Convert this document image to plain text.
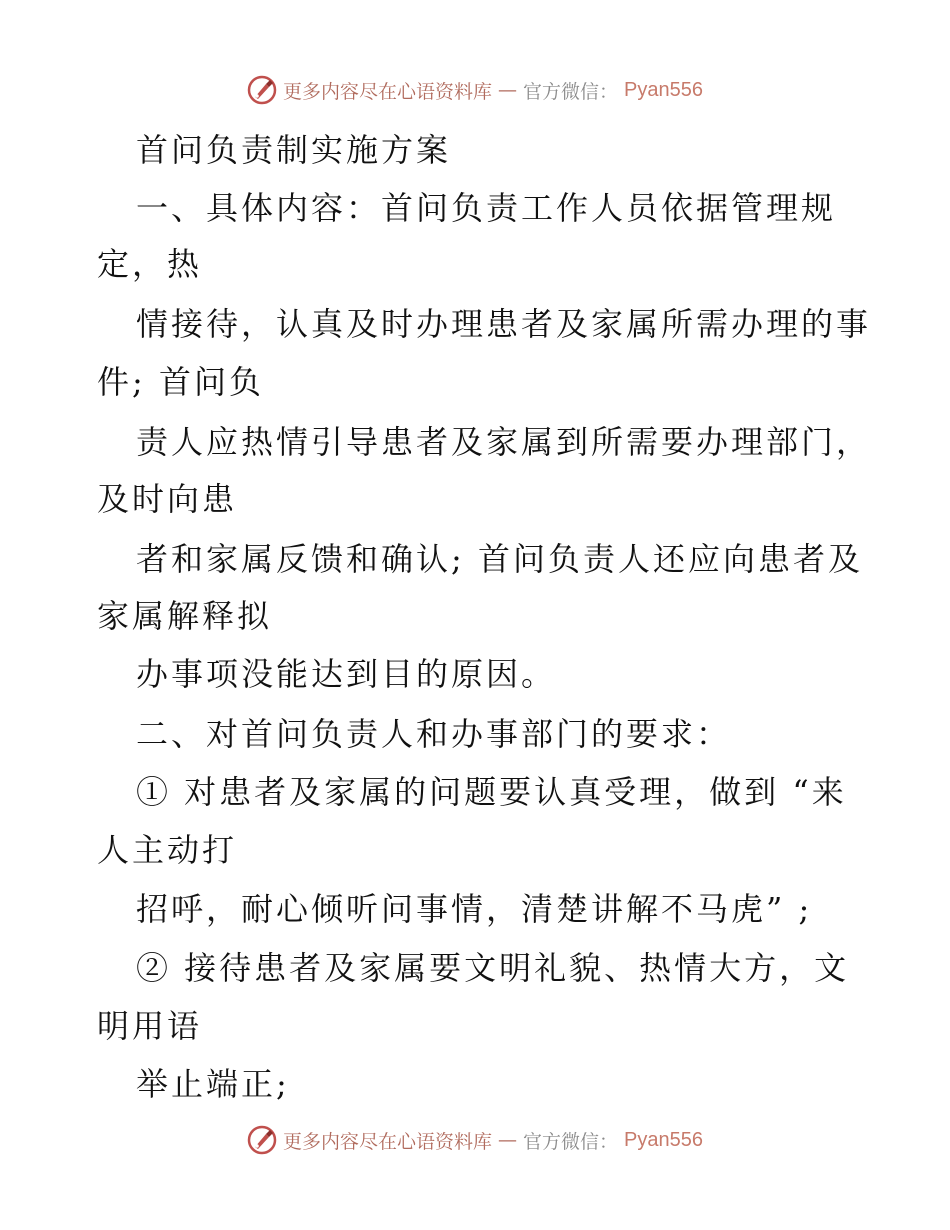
更多内容尽在心语资料库 — 官方微信： Pyan556
首问负责制实施方案
一、具体内容：首问负责工作人员依据管理规
定，热
情接待，认真及时办理患者及家属所需办理的事
件; 首问负
责人应热情引导患者及家属到所需要办理部门，
及时向患
者和家属反馈和确认; 首问负责人还应向患者及
家属解释拟
办事项没能达到目的原因。
二、对首问负责人和办事部门的要求：
① 对患者及家属的问题要认真受理，做到 “来
人主动打
招呼，耐心倾听问事情，清楚讲解不马虎” ;
② 接待患者及家属要文明礼貌、热情大方，文
明用语
举止端正;
更多内容尽在心语资料库 — 官方微信： Pyan556
